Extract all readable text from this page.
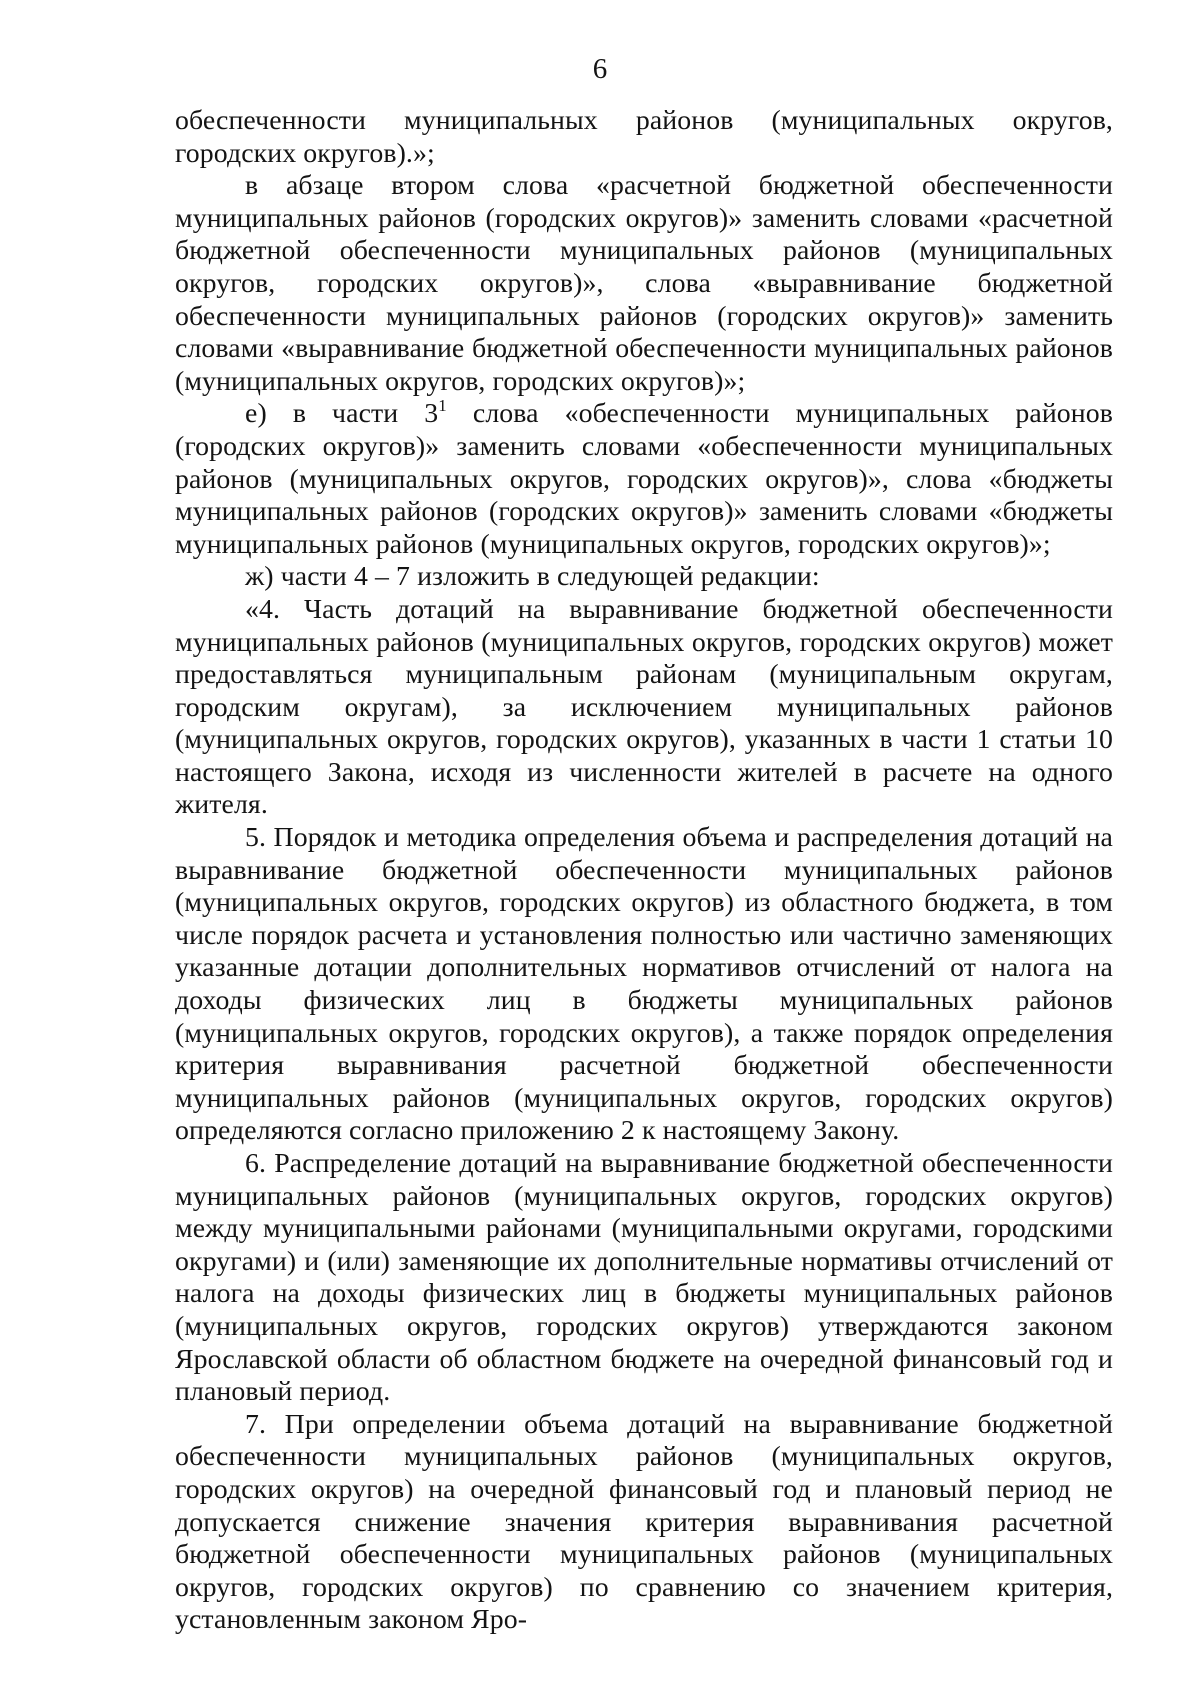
6

обеспеченности муниципальных районов (муниципальных округов, городских округов).»;

в абзаце втором слова «расчетной бюджетной обеспеченности муниципальных районов (городских округов)» заменить словами «расчетной бюджетной обеспеченности муниципальных районов (муниципальных округов, городских округов)», слова «выравнивание бюджетной обеспеченности муниципальных районов (городских округов)» заменить словами «выравнивание бюджетной обеспеченности муниципальных районов (муниципальных округов, городских округов)»;

е) в части $3^1$ слова «обеспеченности муниципальных районов (городских округов)» заменить словами «обеспеченности муниципальных районов (муниципальных округов, городских округов)», слова «бюджеты муниципальных районов (городских округов)» заменить словами «бюджеты муниципальных районов (муниципальных округов, городских округов)»;

ж) части 4 – 7 изложить в следующей редакции:

«4. Часть дотаций на выравнивание бюджетной обеспеченности муниципальных районов (муниципальных округов, городских округов) может предоставляться муниципальным районам (муниципальным округам, городским округам), за исключением муниципальных районов (муниципальных округов, городских округов), указанных в части 1 статьи 10 настоящего Закона, исходя из численности жителей в расчете на одного жителя.

5. Порядок и методика определения объема и распределения дотаций на выравнивание бюджетной обеспеченности муниципальных районов (муниципальных округов, городских округов) из областного бюджета, в том числе порядок расчета и установления полностью или частично заменяющих указанные дотации дополнительных нормативов отчислений от налога на доходы физических лиц в бюджеты муниципальных районов (муниципальных округов, городских округов), а также порядок определения критерия выравнивания расчетной бюджетной обеспеченности муниципальных районов (муниципальных округов, городских округов) определяются согласно приложению 2 к настоящему Закону.

6. Распределение дотаций на выравнивание бюджетной обеспеченности муниципальных районов (муниципальных округов, городских округов) между муниципальными районами (муниципальными округами, городскими округами) и (или) заменяющие их дополнительные нормативы отчислений от налога на доходы физических лиц в бюджеты муниципальных районов (муниципальных округов, городских округов) утверждаются законом Ярославской области об областном бюджете на очередной финансовый год и плановый период.

7. При определении объема дотаций на выравнивание бюджетной обеспеченности муниципальных районов (муниципальных округов, городских округов) на очередной финансовый год и плановый период не допускается снижение значения критерия выравнивания расчетной бюджетной обеспеченности муниципальных районов (муниципальных округов, городских округов) по сравнению со значением критерия, установленным законом Яро-
